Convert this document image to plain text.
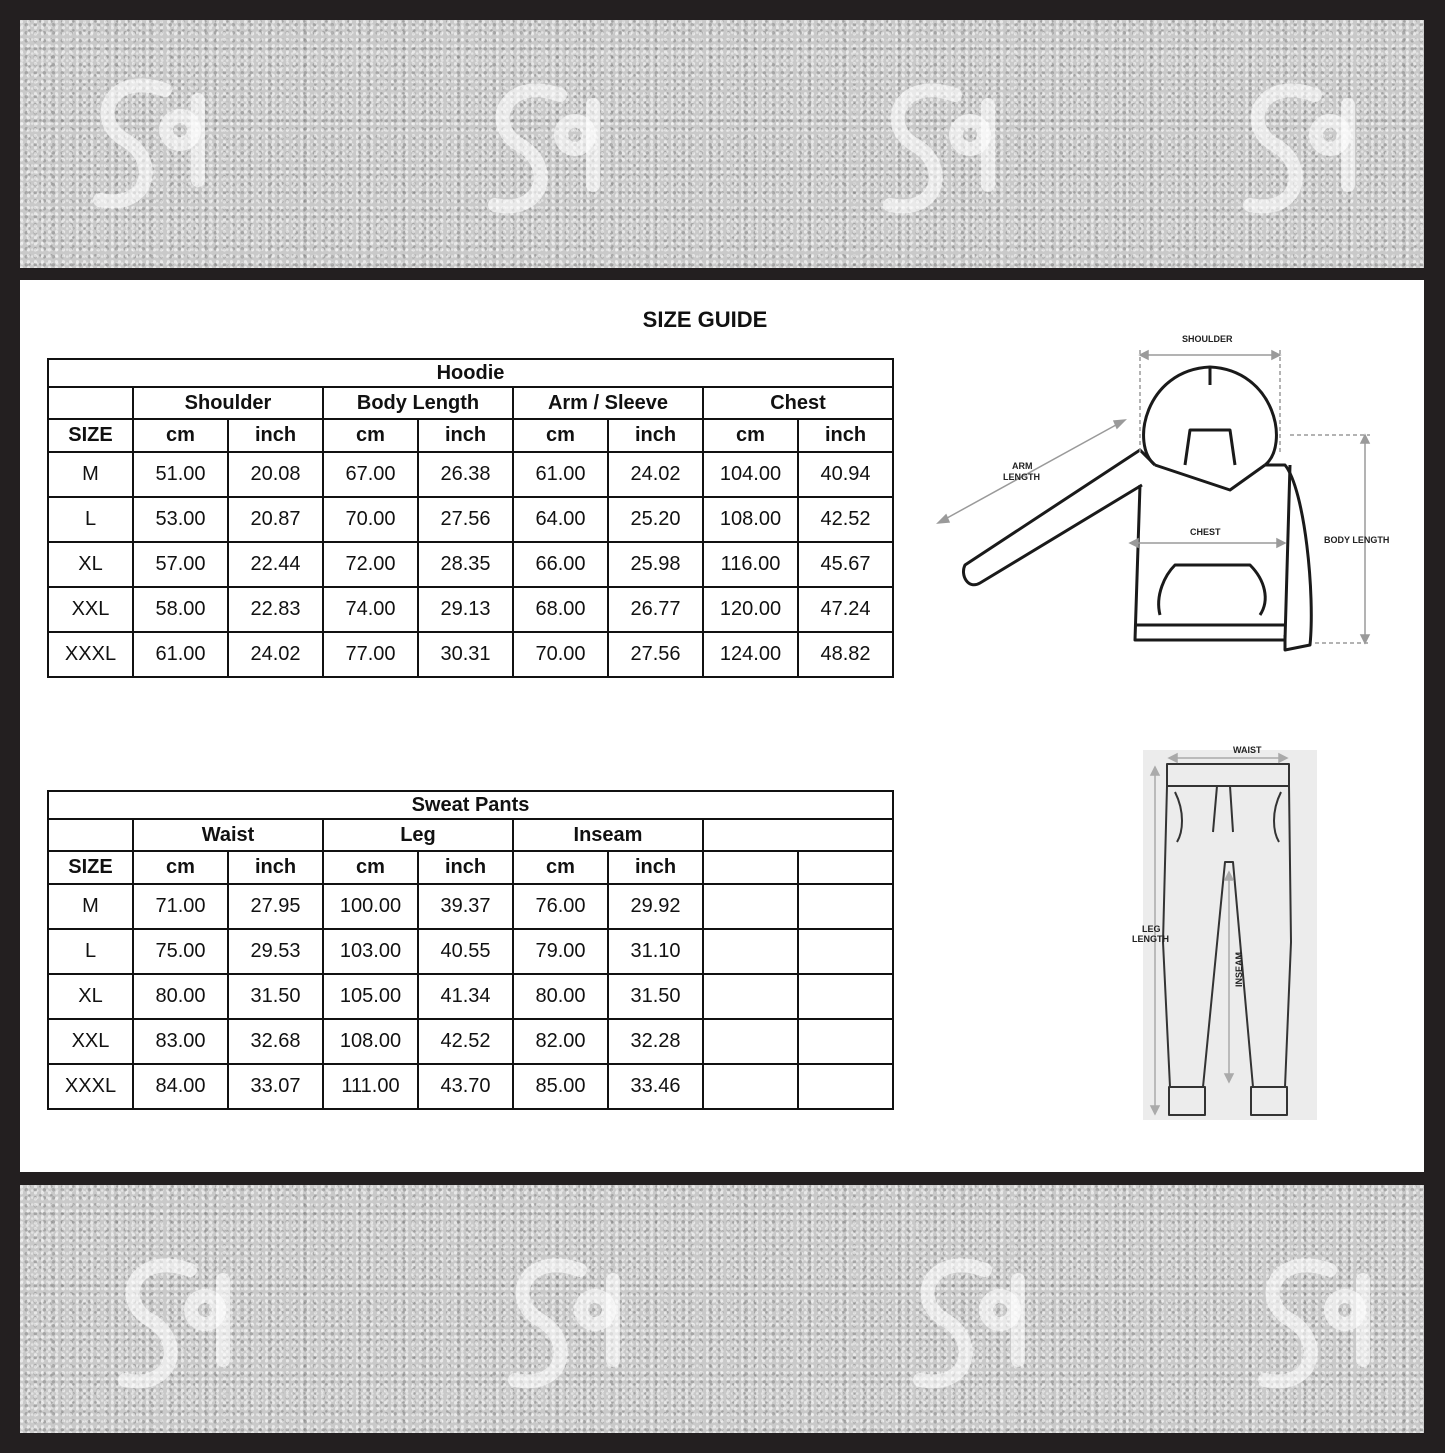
SIZE GUIDE
Hoodie								
	Shoulder		Body Length		Arm / Sleeve		Chest	
SIZE	cm	inch	cm	inch	cm	inch	cm	inch
M	51.00	20.08	67.00	26.38	61.00	24.02	104.00	40.94
L	53.00	20.87	70.00	27.56	64.00	25.20	108.00	42.52
XL	57.00	22.44	72.00	28.35	66.00	25.98	116.00	45.67
XXL	58.00	22.83	74.00	29.13	68.00	26.77	120.00	47.24
XXXL	61.00	24.02	77.00	30.31	70.00	27.56	124.00	48.82
Sweat Pants								
	Waist		Leg		Inseam			
SIZE	cm	inch	cm	inch	cm	inch		
M	71.00	27.95	100.00	39.37	76.00	29.92		
L	75.00	29.53	103.00	40.55	79.00	31.10		
XL	80.00	31.50	105.00	41.34	80.00	31.50		
XXL	83.00	32.68	108.00	42.52	82.00	32.28		
XXXL	84.00	33.07	111.00	43.70	85.00	33.46		
SHOULDER
ARM
LENGTH
CHEST
BODY LENGTH
WAIST
LEG
LENGTH
INSEAM
